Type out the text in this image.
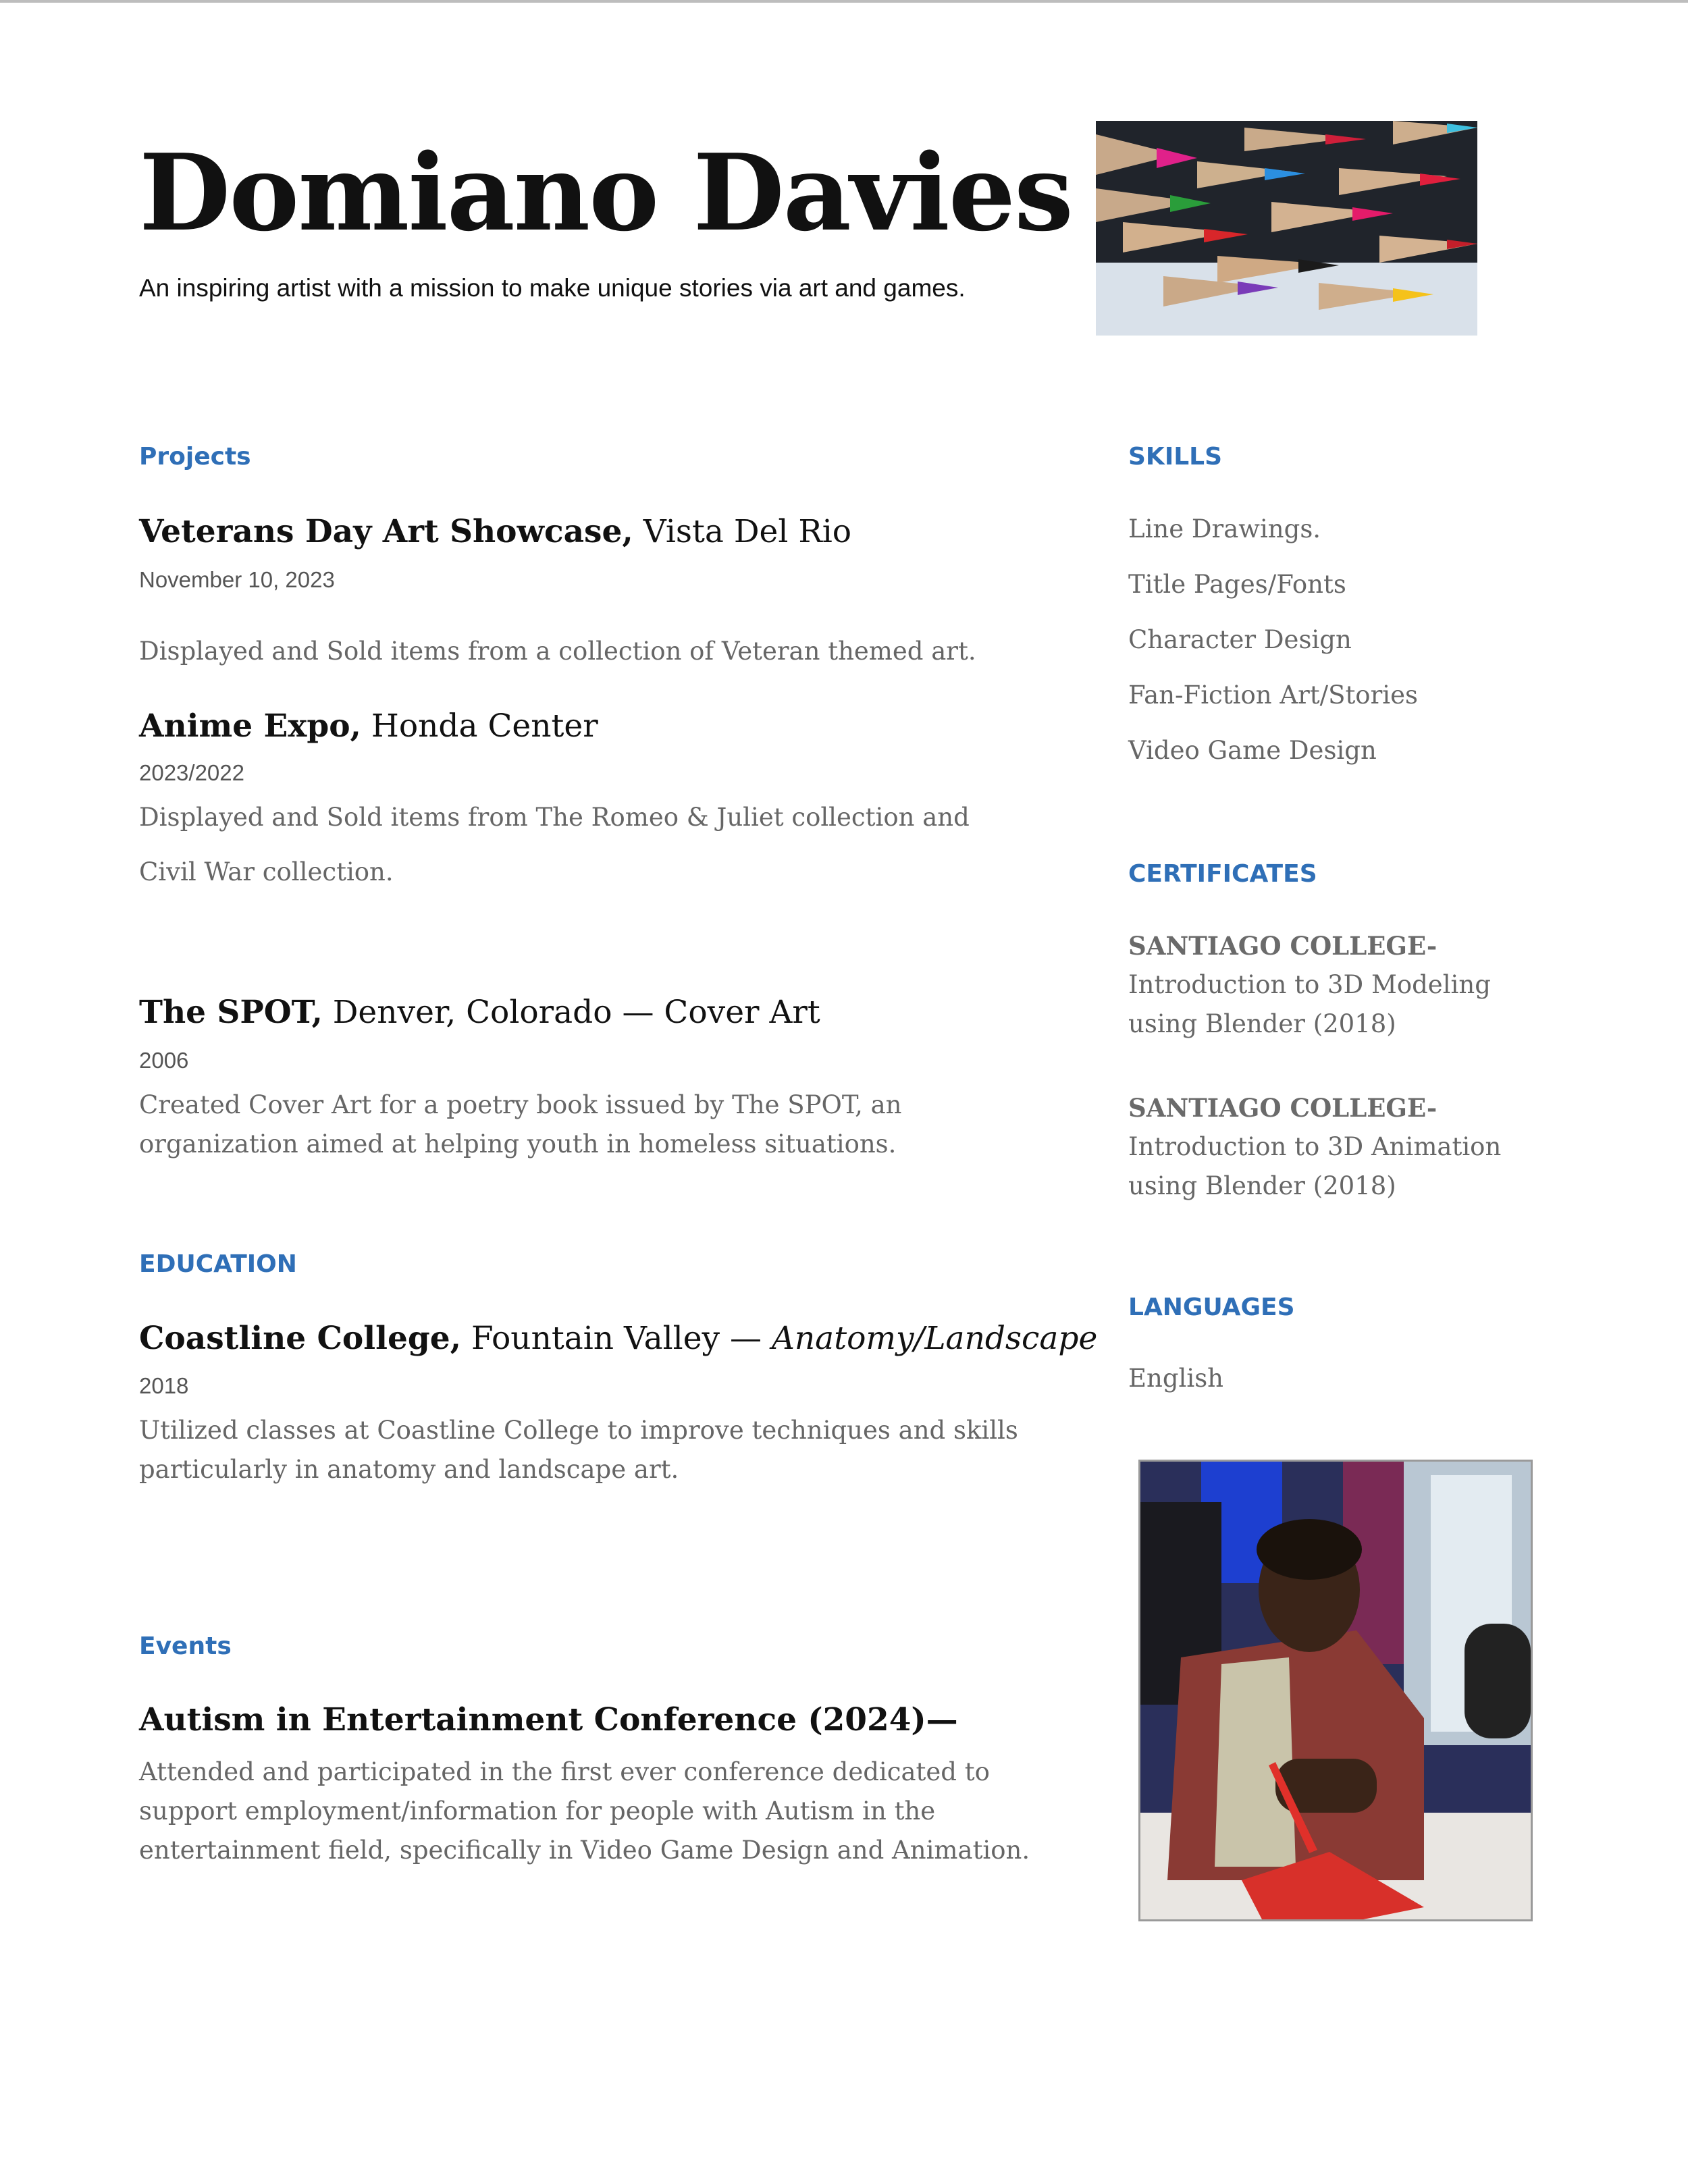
Domiano Davies
An inspiring artist with a mission to make unique stories via art and games.
Projects
Veterans Day Art Showcase, Vista Del Rio
November 10, 2023
Displayed and Sold items from a collection of Veteran themed art.
Anime Expo, Honda Center
2023/2022
Displayed and Sold items from The Romeo & Juliet collection and
Civil War collection.
The SPOT, Denver, Colorado — Cover Art
2006
Created Cover Art for a poetry book issued by The SPOT, an organization aimed at helping youth in homeless situations.
EDUCATION
Coastline College, Fountain Valley — Anatomy/Landscape
2018
Utilized classes at Coastline College to improve techniques and skills particularly in anatomy and landscape art.
Events
Autism in Entertainment Conference (2024)—
Attended and participated in the first ever conference dedicated to support employment/information for people with Autism in the entertainment field, specifically in Video Game Design and Animation.
SKILLS
Line Drawings.
Title Pages/Fonts
Character Design
Fan-Fiction Art/Stories
Video Game Design
CERTIFICATES
SANTIAGO COLLEGE-
Introduction to 3D Modeling using Blender (2018)
SANTIAGO COLLEGE-
Introduction to 3D Animation using Blender (2018)
LANGUAGES
English
